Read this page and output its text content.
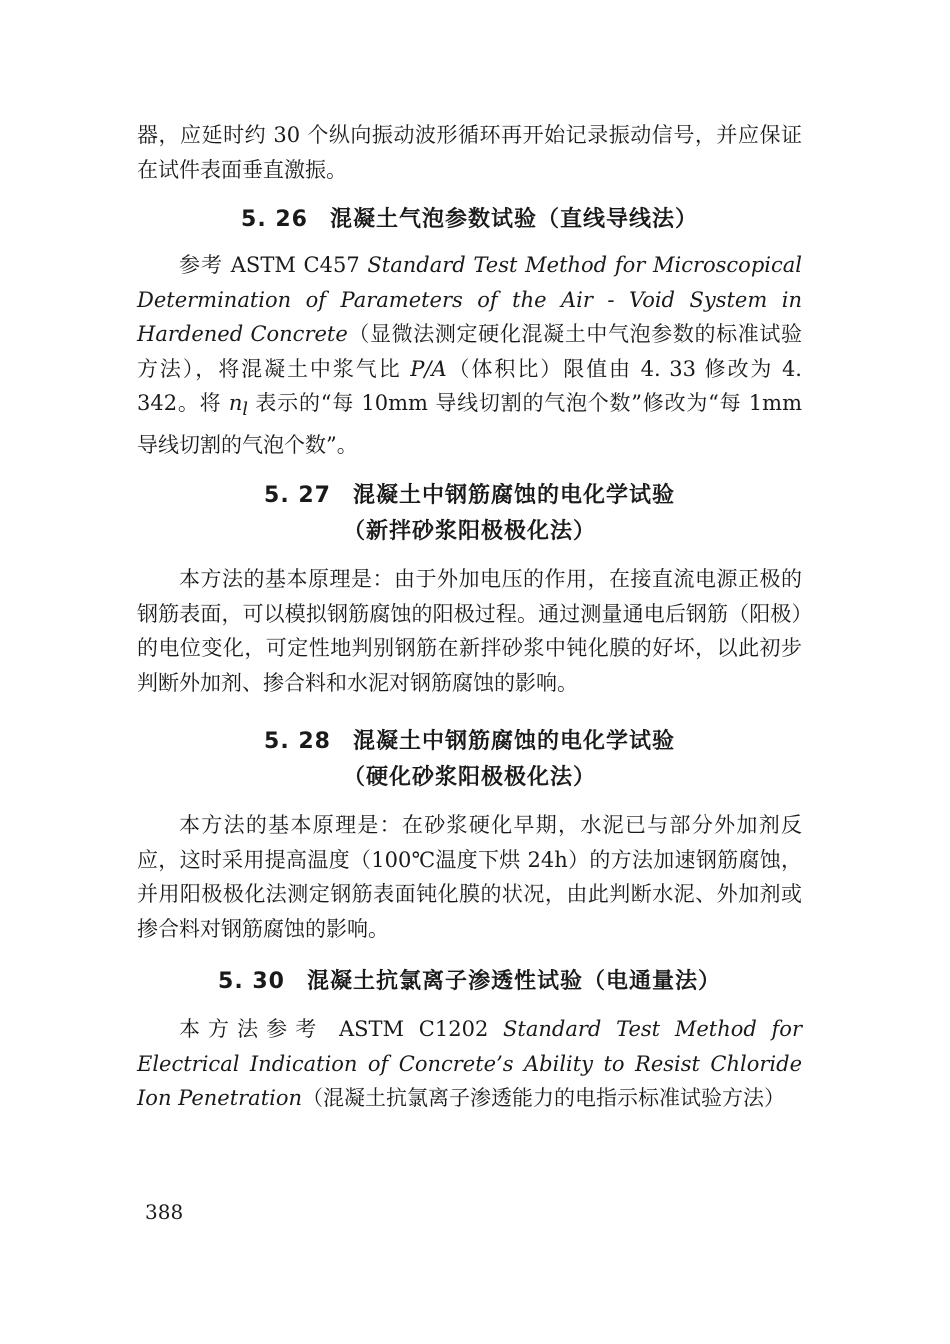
器，应延时约 30 个纵向振动波形循环再开始记录振动信号，并应保证在试件表面垂直激振。

5. 26 混凝土气泡参数试验（直线导线法）

参考 ASTM C457 Standard Test Method for Microscopical Determination of Parameters of the Air - Void System in Hardened Concrete（显微法测定硬化混凝土中气泡参数的标准试验方法），将混凝土中浆气比 P/A（体积比）限值由 4. 33 修改为 4. 342。将 $n_l$ 表示的“每 10mm 导线切割的气泡个数”修改为“每 1mm 导线切割的气泡个数”。

5. 27 混凝土中钢筋腐蚀的电化学试验
（新拌砂浆阳极极化法）

本方法的基本原理是：由于外加电压的作用，在接直流电源正极的钢筋表面，可以模拟钢筋腐蚀的阳极过程。通过测量通电后钢筋（阳极）的电位变化，可定性地判别钢筋在新拌砂浆中钝化膜的好坏，以此初步判断外加剂、掺合料和水泥对钢筋腐蚀的影响。

5. 28 混凝土中钢筋腐蚀的电化学试验
（硬化砂浆阳极极化法）

本方法的基本原理是：在砂浆硬化早期，水泥已与部分外加剂反应，这时采用提高温度（100℃温度下烘 24h）的方法加速钢筋腐蚀，并用阳极极化法测定钢筋表面钝化膜的状况，由此判断水泥、外加剂或掺合料对钢筋腐蚀的影响。

5. 30 混凝土抗氯离子渗透性试验（电通量法）

本方法参考 ASTM C1202 Standard Test Method for Electrical Indication of Concrete’s Ability to Resist Chloride Ion Penetration（混凝土抗氯离子渗透能力的电指示标准试验方法）

388
